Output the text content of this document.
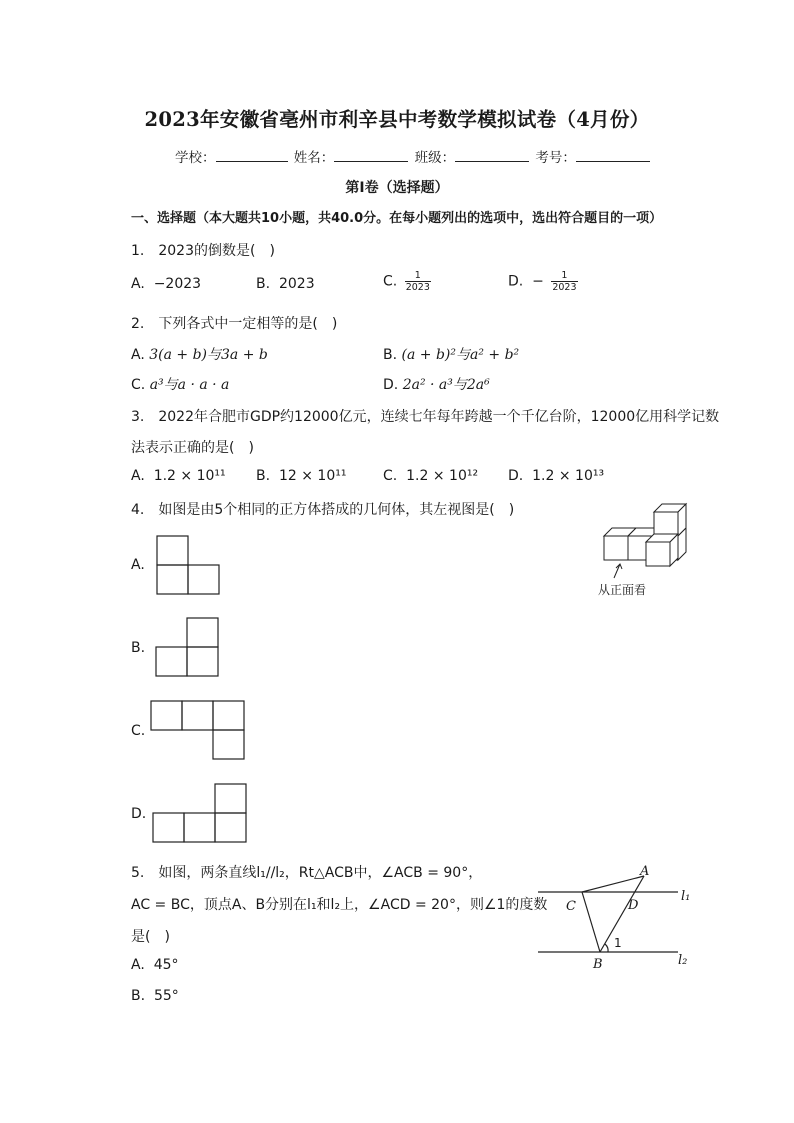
2023年安徽省亳州市利辛县中考数学模拟试卷（4月份）
学校：	姓名：	班级：	考号：
第Ⅰ卷（选择题）
一、选择题（本大题共10小题，共40.0分。在每小题列出的选项中，选出符合题目的一项）
1.　2023的倒数是(　)
A. −2023	B. 2023	C. $\frac{1}{2023}$	D. − $\frac{1}{2023}$
2.　下列各式中一定相等的是(　)
A. 3(a + b)与3a + b	B. (a + b)²与a² + b²
C. a³与a · a · a	D. 2a² · a³与2a⁶
3.　2022年合肥市GDP约12000亿元，连续七年每年跨越一个千亿台阶，12000亿用科学记数
法表示正确的是(　)
A. 1.2 × 10¹¹ B. 12 × 10¹¹	C. 1.2 × 10¹² D. 1.2 × 10¹³
4.　如图是由5个相同的正方体搭成的几何体，其左视图是(　)
从正面看
A.
B.
C.
D.
5.　如图，两条直线l₁//l₂，Rt△ACB中，∠ACB = 90°，
AC = BC，顶点A、B分别在l₁和l₂上，∠ACD = 20°，则∠1的度数
是(　)
A
C	D
B
l₁
l₂
1
A. 45°
B. 55°
